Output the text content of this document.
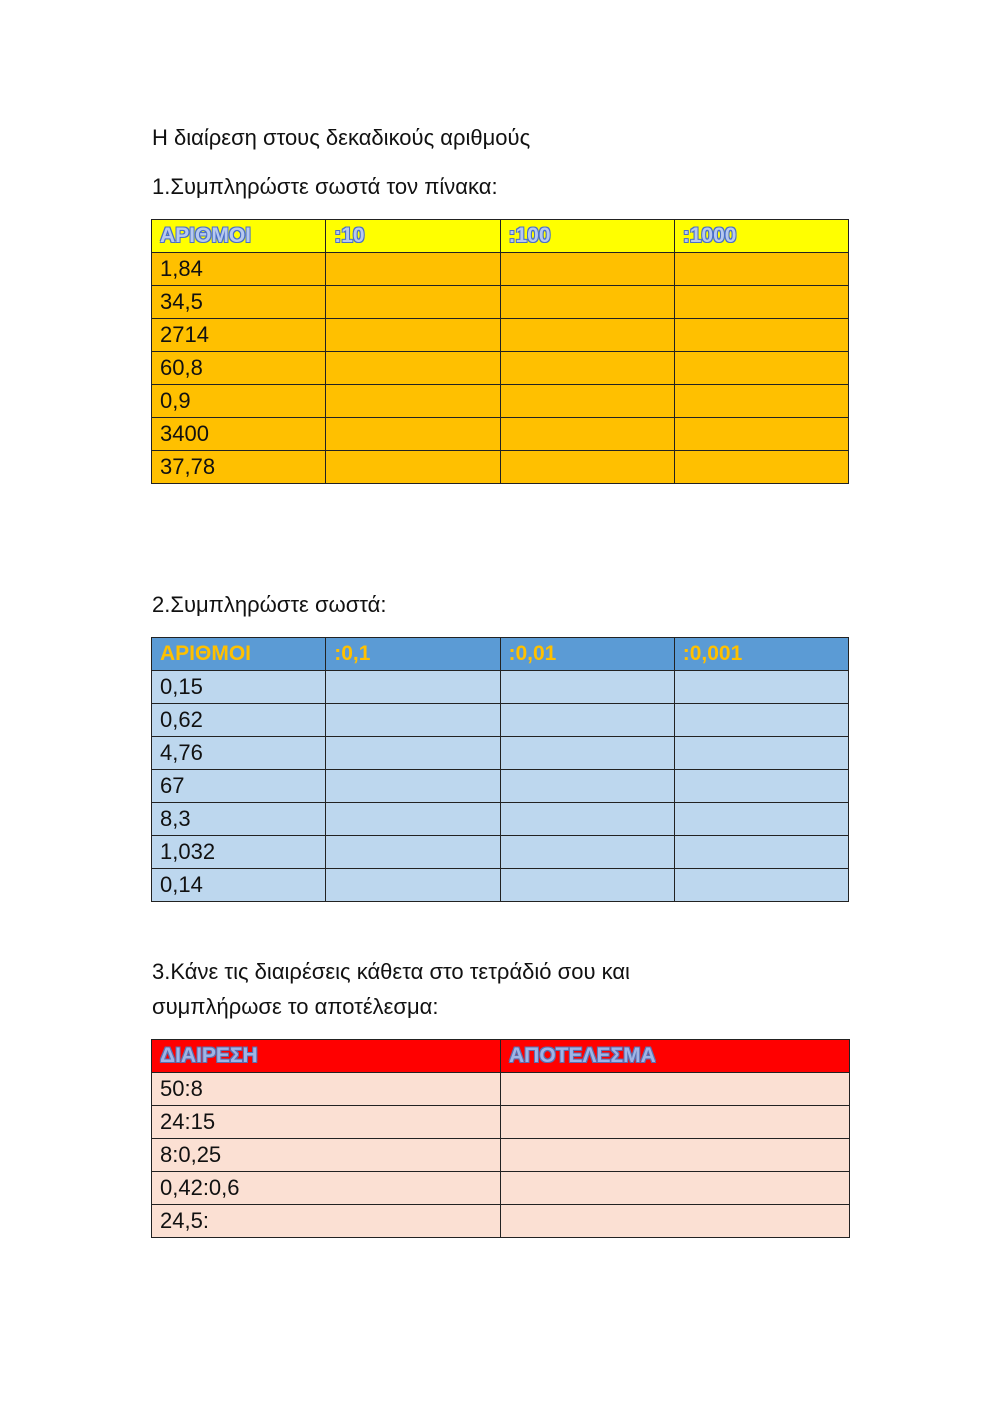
Η διαίρεση στους δεκαδικούς αριθμούς
1.Συμπληρώστε σωστά τον πίνακα:
ΑΡΙΘΜΟΙ	:10	:100	:1000
1,84			
34,5			
2714			
60,8			
0,9			
3400			
37,78			
2.Συμπληρώστε σωστά:
ΑΡΙΘΜΟΙ	:0,1	:0,01	:0,001
0,15			
0,62			
4,76			
67			
8,3			
1,032			
0,14			
3.Κάνε τις διαιρέσεις κάθετα στο τετράδιό σου και
συμπλήρωσε το αποτέλεσμα:
ΔΙΑΙΡΕΣΗ	ΑΠΟΤΕΛΕΣΜΑ
50:8	
24:15	
8:0,25	
0,42:0,6	
24,5:	
